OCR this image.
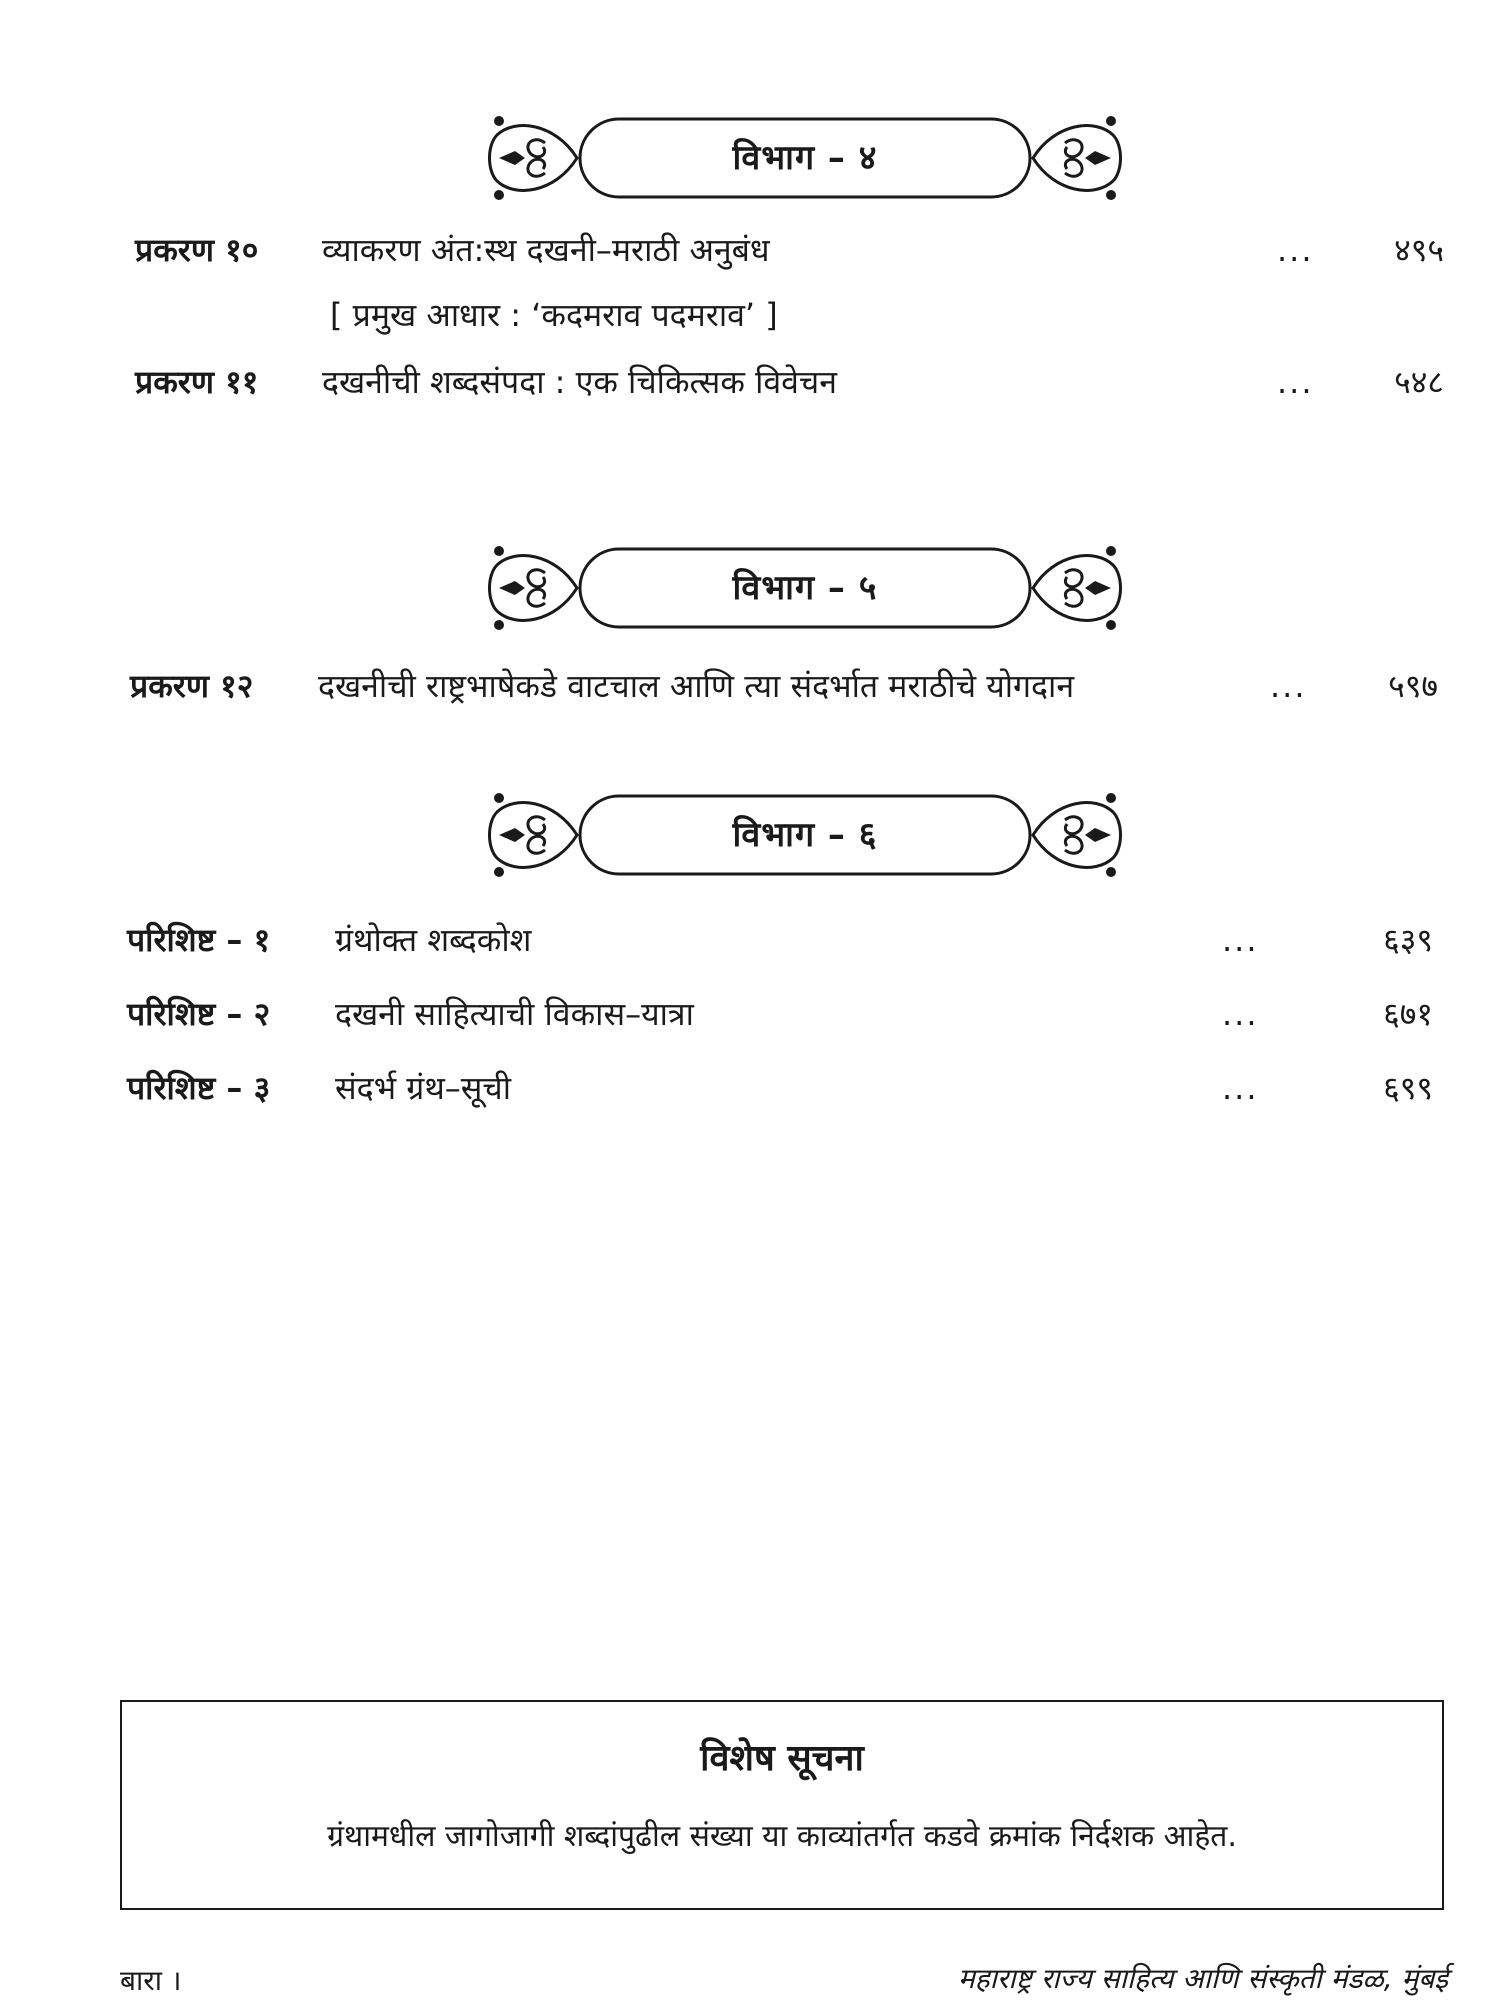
विभाग – ४
प्रकरण १० व्याकरण अंत:स्थ दखनी–मराठी अनुबंध	...	४९५
[ प्रमुख आधार : ‘कदमराव पदमराव’ ]
प्रकरण ११ दखनीची शब्दसंपदा : एक चिकित्सक विवेचन	...	५४८
विभाग – ५
प्रकरण १२ दखनीची राष्ट्रभाषेकडे वाटचाल आणि त्या संदर्भात मराठीचे योगदान	...	५९७
विभाग – ६
परिशिष्ट – १ ग्रंथोक्त शब्दकोश	...	६३९
परिशिष्ट – २ दखनी साहित्याची विकास–यात्रा	...	६७१
परिशिष्ट – ३ संदर्भ ग्रंथ–सूची	...	६९९
विशेष सूचना
ग्रंथामधील जागोजागी शब्दांपुढील संख्या या काव्यांतर्गत कडवे क्रमांक निर्दशक आहेत.
बारा ।	महाराष्ट्र राज्य साहित्य आणि संस्कृती मंडळ, मुंबई
